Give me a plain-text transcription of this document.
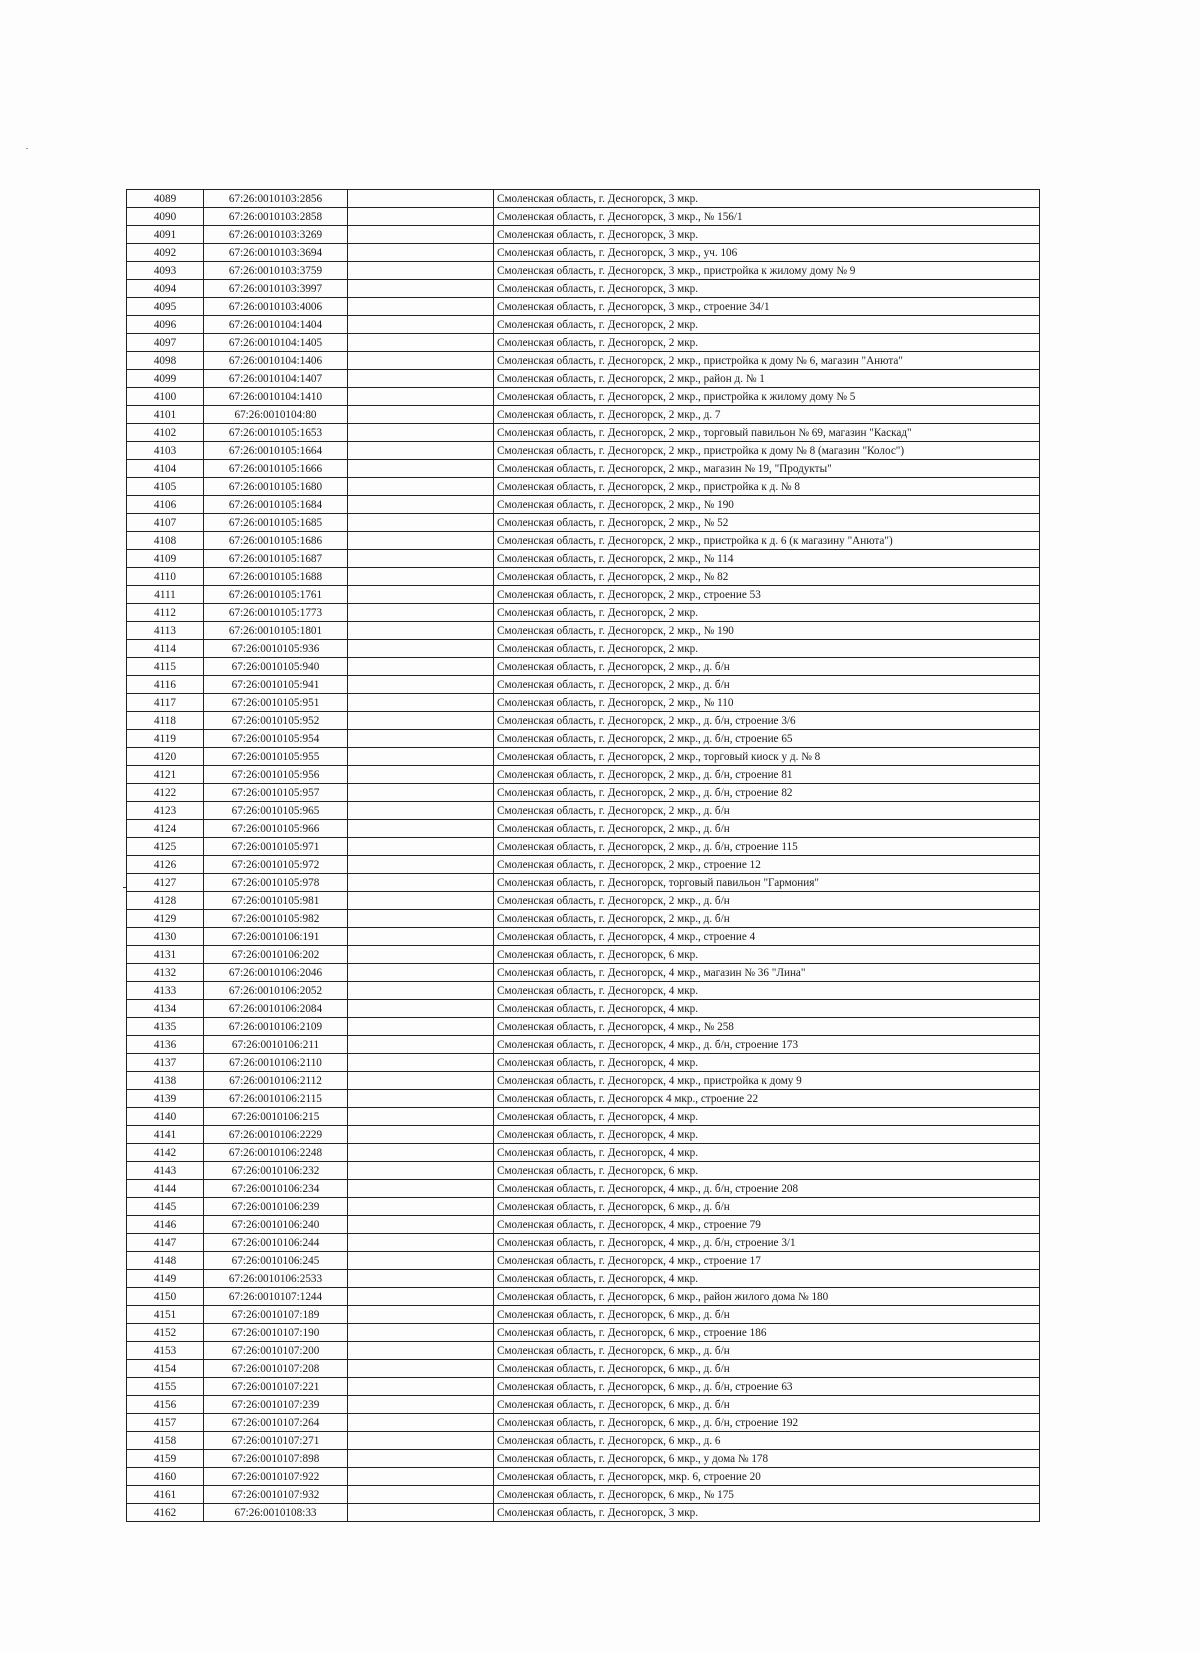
4089	67:26:0010103:2856		Смоленская область, г. Десногорск, 3 мкр.
4090	67:26:0010103:2858		Смоленская область, г. Десногорск, 3 мкр., № 156/1
4091	67:26:0010103:3269		Смоленская область, г. Десногорск, 3 мкр.
4092	67:26:0010103:3694		Смоленская область, г. Десногорск, 3 мкр., уч. 106
4093	67:26:0010103:3759		Смоленская область, г. Десногорск, 3 мкр., пристройка к жилому дому № 9
4094	67:26:0010103:3997		Смоленская область, г. Десногорск, 3 мкр.
4095	67:26:0010103:4006		Смоленская область, г. Десногорск, 3 мкр., строение 34/1
4096	67:26:0010104:1404		Смоленская область, г. Десногорск, 2 мкр.
4097	67:26:0010104:1405		Смоленская область, г. Десногорск, 2 мкр.
4098	67:26:0010104:1406		Смоленская область, г. Десногорск, 2 мкр., пристройка к дому № 6, магазин "Анюта"
4099	67:26:0010104:1407		Смоленская область, г. Десногорск, 2 мкр., район д. № 1
4100	67:26:0010104:1410		Смоленская область, г. Десногорск, 2 мкр., пристройка к жилому дому № 5
4101	67:26:0010104:80		Смоленская область, г. Десногорск, 2 мкр., д. 7
4102	67:26:0010105:1653		Смоленская область, г. Десногорск, 2 мкр., торговый павильон № 69, магазин "Каскад"
4103	67:26:0010105:1664		Смоленская область, г. Десногорск, 2 мкр., пристройка к дому № 8 (магазин "Колос")
4104	67:26:0010105:1666		Смоленская область, г. Десногорск, 2 мкр., магазин № 19, "Продукты"
4105	67:26:0010105:1680		Смоленская область, г. Десногорск, 2 мкр., пристройка к д. № 8
4106	67:26:0010105:1684		Смоленская область, г. Десногорск, 2 мкр., № 190
4107	67:26:0010105:1685		Смоленская область, г. Десногорск, 2 мкр., № 52
4108	67:26:0010105:1686		Смоленская область, г. Десногорск, 2 мкр., пристройка к д. 6 (к магазину "Анюта")
4109	67:26:0010105:1687		Смоленская область, г. Десногорск, 2 мкр., № 114
4110	67:26:0010105:1688		Смоленская область, г. Десногорск, 2 мкр., № 82
4111	67:26:0010105:1761		Смоленская область, г. Десногорск, 2 мкр., строение 53
4112	67:26:0010105:1773		Смоленская область, г. Десногорск, 2 мкр.
4113	67:26:0010105:1801		Смоленская область, г. Десногорск, 2 мкр., № 190
4114	67:26:0010105:936		Смоленская область, г. Десногорск, 2 мкр.
4115	67:26:0010105:940		Смоленская область, г. Десногорск, 2 мкр., д. б/н
4116	67:26:0010105:941		Смоленская область, г. Десногорск, 2 мкр., д. б/н
4117	67:26:0010105:951		Смоленская область, г. Десногорск, 2 мкр., № 110
4118	67:26:0010105:952		Смоленская область, г. Десногорск, 2 мкр., д. б/н, строение 3/6
4119	67:26:0010105:954		Смоленская область, г. Десногорск, 2 мкр., д. б/н, строение 65
4120	67:26:0010105:955		Смоленская область, г. Десногорск, 2 мкр., торговый киоск у д. № 8
4121	67:26:0010105:956		Смоленская область, г. Десногорск, 2 мкр., д. б/н, строение 81
4122	67:26:0010105:957		Смоленская область, г. Десногорск, 2 мкр., д. б/н, строение 82
4123	67:26:0010105:965		Смоленская область, г. Десногорск, 2 мкр., д. б/н
4124	67:26:0010105:966		Смоленская область, г. Десногорск, 2 мкр., д. б/н
4125	67:26:0010105:971		Смоленская область, г. Десногорск, 2 мкр., д. б/н, строение 115
4126	67:26:0010105:972		Смоленская область, г. Десногорск, 2 мкр., строение 12
4127	67:26:0010105:978		Смоленская область, г. Десногорск, торговый павильон "Гармония"
4128	67:26:0010105:981		Смоленская область, г. Десногорск, 2 мкр., д. б/н
4129	67:26:0010105:982		Смоленская область, г. Десногорск, 2 мкр., д. б/н
4130	67:26:0010106:191		Смоленская область, г. Десногорск, 4 мкр., строение 4
4131	67:26:0010106:202		Смоленская область, г. Десногорск, 6 мкр.
4132	67:26:0010106:2046		Смоленская область, г. Десногорск, 4 мкр., магазин № 36 "Лина"
4133	67:26:0010106:2052		Смоленская область, г. Десногорск, 4 мкр.
4134	67:26:0010106:2084		Смоленская область, г. Десногорск, 4 мкр.
4135	67:26:0010106:2109		Смоленская область, г. Десногорск, 4 мкр., № 258
4136	67:26:0010106:211		Смоленская область, г. Десногорск, 4 мкр., д. б/н, строение 173
4137	67:26:0010106:2110		Смоленская область, г. Десногорск, 4 мкр.
4138	67:26:0010106:2112		Смоленская область, г. Десногорск, 4 мкр., пристройка к дому 9
4139	67:26:0010106:2115		Смоленская область, г. Десногорск 4 мкр., строение 22
4140	67:26:0010106:215		Смоленская область, г. Десногорск, 4 мкр.
4141	67:26:0010106:2229		Смоленская область, г. Десногорск, 4 мкр.
4142	67:26:0010106:2248		Смоленская область, г. Десногорск, 4 мкр.
4143	67:26:0010106:232		Смоленская область, г. Десногорск, 6 мкр.
4144	67:26:0010106:234		Смоленская область, г. Десногорск, 4 мкр., д. б/н, строение 208
4145	67:26:0010106:239		Смоленская область, г. Десногорск, 6 мкр., д. б/н
4146	67:26:0010106:240		Смоленская область, г. Десногорск, 4 мкр., строение 79
4147	67:26:0010106:244		Смоленская область, г. Десногорск, 4 мкр., д. б/н, строение 3/1
4148	67:26:0010106:245		Смоленская область, г. Десногорск, 4 мкр., строение 17
4149	67:26:0010106:2533		Смоленская область, г. Десногорск, 4 мкр.
4150	67:26:0010107:1244		Смоленская область, г. Десногорск, 6 мкр., район жилого дома № 180
4151	67:26:0010107:189		Смоленская область, г. Десногорск, 6 мкр., д. б/н
4152	67:26:0010107:190		Смоленская область, г. Десногорск, 6 мкр., строение 186
4153	67:26:0010107:200		Смоленская область, г. Десногорск, 6 мкр., д. б/н
4154	67:26:0010107:208		Смоленская область, г. Десногорск, 6 мкр., д. б/н
4155	67:26:0010107:221		Смоленская область, г. Десногорск, 6 мкр., д. б/н, строение 63
4156	67:26:0010107:239		Смоленская область, г. Десногорск, 6 мкр., д. б/н
4157	67:26:0010107:264		Смоленская область, г. Десногорск, 6 мкр., д. б/н, строение 192
4158	67:26:0010107:271		Смоленская область, г. Десногорск, 6 мкр., д. 6
4159	67:26:0010107:898		Смоленская область, г. Десногорск, 6 мкр., у дома № 178
4160	67:26:0010107:922		Смоленская область, г. Десногорск, мкр. 6, строение 20
4161	67:26:0010107:932		Смоленская область, г. Десногорск, 6 мкр., № 175
4162	67:26:0010108:33		Смоленская область, г. Десногорск, 3 мкр.
